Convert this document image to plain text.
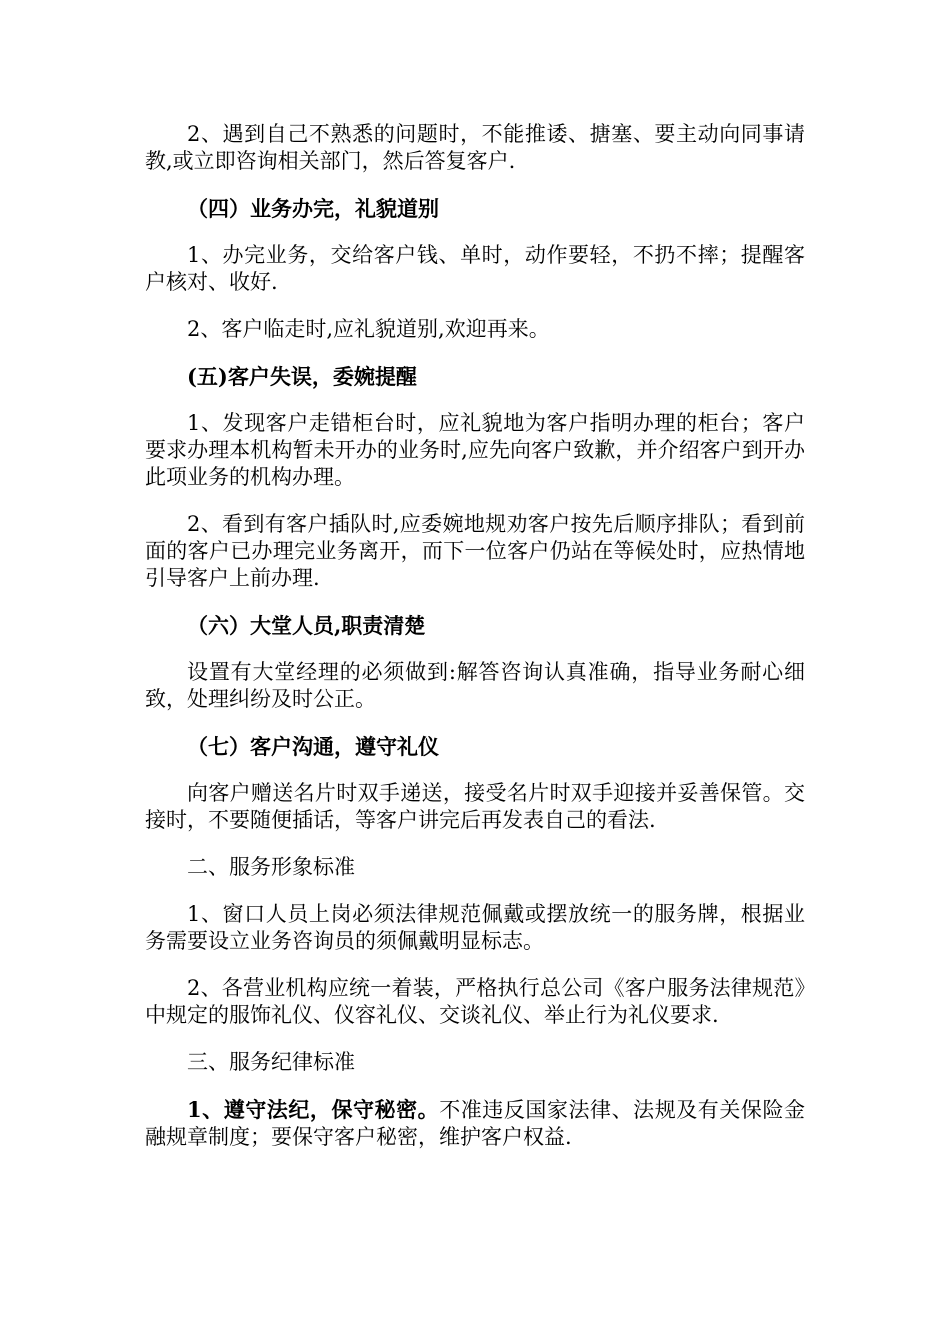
2、遇到自己不熟悉的问题时，不能推诿、搪塞、要主动向同事请教,或立即咨询相关部门，然后答复客户.

（四）业务办完，礼貌道别

1、办完业务，交给客户钱、单时，动作要轻，不扔不摔；提醒客户核对、收好.

2、客户临走时,应礼貌道别,欢迎再来。

(五)客户失误，委婉提醒

1、发现客户走错柜台时，应礼貌地为客户指明办理的柜台；客户要求办理本机构暂未开办的业务时,应先向客户致歉，并介绍客户到开办此项业务的机构办理。

2、看到有客户插队时,应委婉地规劝客户按先后顺序排队；看到前面的客户已办理完业务离开，而下一位客户仍站在等候处时，应热情地引导客户上前办理.

（六）大堂人员,职责清楚

设置有大堂经理的必须做到:解答咨询认真准确，指导业务耐心细致，处理纠纷及时公正。

（七）客户沟通，遵守礼仪

向客户赠送名片时双手递送，接受名片时双手迎接并妥善保管。交接时，不要随便插话，等客户讲完后再发表自己的看法.

二、服务形象标准

1、窗口人员上岗必须法律规范佩戴或摆放统一的服务牌，根据业务需要设立业务咨询员的须佩戴明显标志。

2、各营业机构应统一着装，严格执行总公司《客户服务法律规范》中规定的服饰礼仪、仪容礼仪、交谈礼仪、举止行为礼仪要求.

三、服务纪律标准

1、遵守法纪，保守秘密。不准违反国家法律、法规及有关保险金融规章制度；要保守客户秘密，维护客户权益.
